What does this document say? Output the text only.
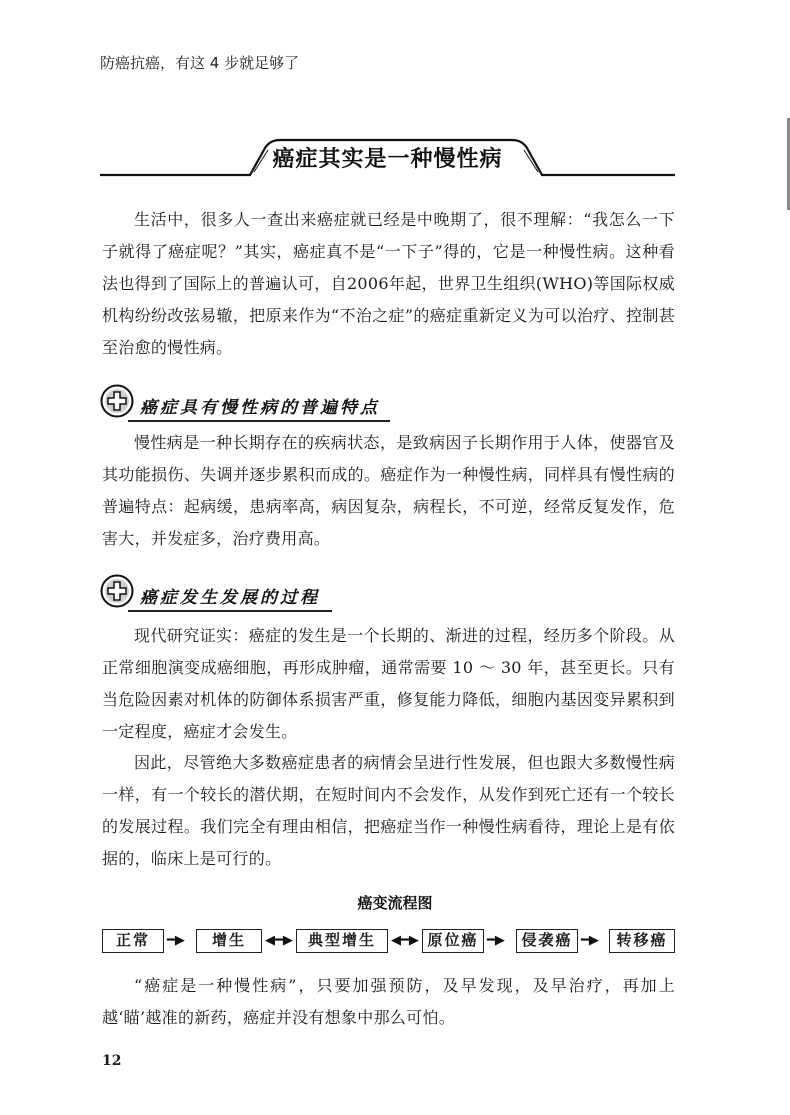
防癌抗癌，有这 4 步就足够了
癌症其实是一种慢性病

生活中，很多人一查出来癌症就已经是中晚期了，很不理解：“我怎么一下子就得了癌症呢？”其实，癌症真不是“一下子”得的，它是一种慢性病。这种看法也得到了国际上的普遍认可，自2006年起，世界卫生组织(WHO)等国际权威机构纷纷改弦易辙，把原来作为“不治之症”的癌症重新定义为可以治疗、控制甚至治愈的慢性病。

癌症具有慢性病的普遍特点

慢性病是一种长期存在的疾病状态，是致病因子长期作用于人体，使器官及其功能损伤、失调并逐步累积而成的。癌症作为一种慢性病，同样具有慢性病的普遍特点：起病缓，患病率高，病因复杂，病程长，不可逆，经常反复发作，危害大，并发症多，治疗费用高。

癌症发生发展的过程

现代研究证实：癌症的发生是一个长期的、渐进的过程，经历多个阶段。从正常细胞演变成癌细胞，再形成肿瘤，通常需要 10 ～ 30 年，甚至更长。只有当危险因素对机体的防御体系损害严重，修复能力降低，细胞内基因变异累积到一定程度，癌症才会发生。

因此，尽管绝大多数癌症患者的病情会呈进行性发展，但也跟大多数慢性病一样，有一个较长的潜伏期，在短时间内不会发作，从发作到死亡还有一个较长的发展过程。我们完全有理由相信，把癌症当作一种慢性病看待，理论上是有依据的，临床上是可行的。

癌变流程图
正常	━▶	增生	◀━▶	典型增生	◀━▶ 原位癌 ━▶	侵袭癌 ━▶	转移癌

“癌症是一种慢性病”，只要加强预防，及早发现，及早治疗，再加上越‘瞄’越准的新药，癌症并没有想象中那么可怕。

12
